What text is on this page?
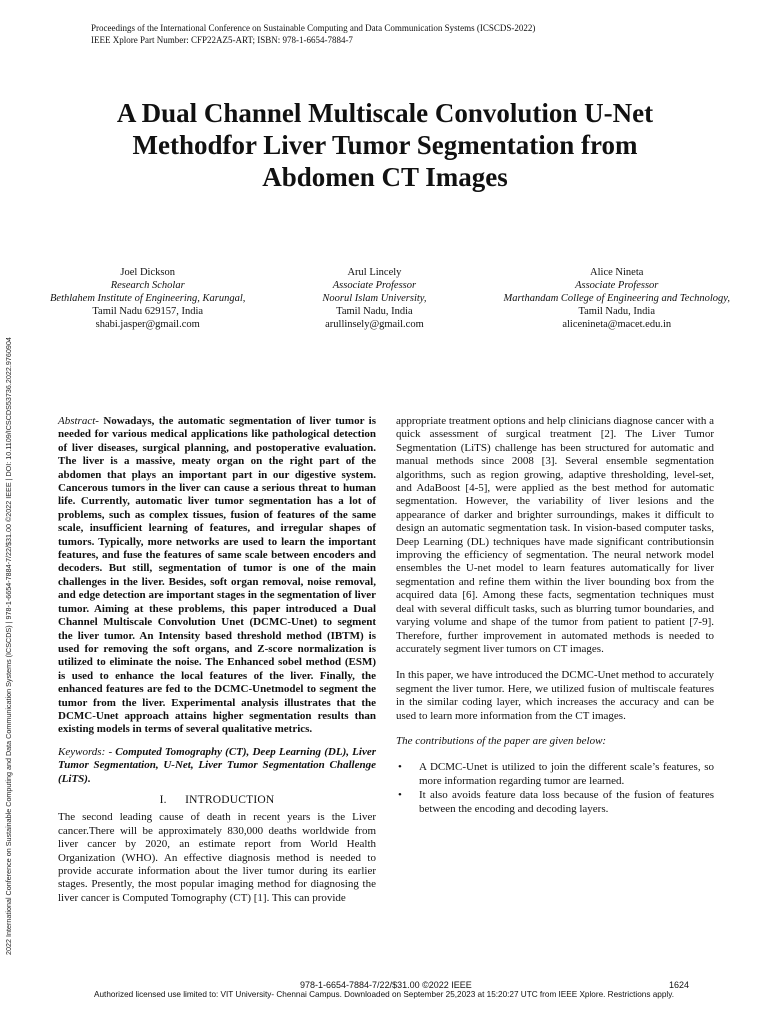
Proceedings of the International Conference on Sustainable Computing and Data Communication Systems (ICSCDS-2022)
IEEE Xplore Part Number: CFP22AZ5-ART; ISBN: 978-1-6654-7884-7
A Dual Channel Multiscale Convolution U-Net
Methodfor Liver Tumor Segmentation from
Abdomen CT Images
Joel Dickson
Research Scholar
Bethlahem Institute of Engineering, Karungal,
Tamil Nadu 629157, India
shabi.jasper@gmail.com
Arul Lincely
Associate Professor
Noorul Islam University,
Tamil Nadu, India
arullinsely@gmail.com
Alice Nineta
Associate Professor
Marthandam College of Engineering and Technology,
Tamil Nadu, India
alicenineta@macet.edu.in
2022 International Conference on Sustainable Computing and Data Communication Systems (ICSCDS) | 978-1-6654-7884-7/22/$31.00 ©2022 IEEE | DOI: 10.1109/ICSCDS53736.2022.9760904	Abstract- Nowadays, the automatic segmentation of liver tumor is needed for various medical applications like pathological detection of liver diseases, surgical planning, and postoperative evaluation. The liver is a massive, meaty organ on the right part of the abdomen that plays an important part in our digestive system. Cancerous tumors in the liver can cause a serious threat to human life. Currently, automatic liver tumor segmentation has a lot of problems, such as complex tissues, fusion of features of the same scale, insufficient learning of features, and irregular shapes of tumors. Typically, more networks are used to learn the important features, and fuse the features of same scale between encoders and decoders. But still, segmentation of tumor is one of the main challenges in the liver. Besides, soft organ removal, noise removal, and edge detection are important stages in the segmentation of liver tumor. Aiming at these problems, this paper introduced a Dual Channel Multiscale Convolution Unet (DCMC-Unet) to segment the liver tumor. An Intensity based threshold method (IBTM) is used for removing the soft organs, and Z-score normalization is utilized to eliminate the noise. The Enhanced sobel method (ESM) is used to enhance the local features of the liver. Finally, the enhanced features are fed to the DCMC-Unetmodel to segment the tumor from the liver. Experimental analysis illustrates that the DCMC-Unet approach attains higher segmentation results than existing models in terms of several qualitative metrics.

Keywords: - Computed Tomography (CT), Deep Learning (DL), Liver Tumor Segmentation, U-Net, Liver Tumor Segmentation Challenge (LiTS).

I.      INTRODUCTION

The second leading cause of death in recent years is the Liver cancer.There will be approximately 830,000 deaths worldwide from liver cancer by 2020, an estimate report from World Health Organization (WHO). An effective diagnosis method is needed to provide accurate information about the liver tumor during its earlier stages. Presently, the most popular imaging method for diagnosing the liver cancer is Computed Tomography (CT) [1]. This can provide

appropriate treatment options and help clinicians diagnose cancer with a quick assessment of surgical treatment [2]. The Liver Tumor Segmentation (LiTS) challenge has been structured for automatic and manual methods since 2008 [3]. Several ensemble segmentation algorithms, such as region growing, adaptive thresholding, level-set, and AdaBoost [4-5], were applied as the best method for automatic segmentation. However, the variability of liver lesions and the appearance of darker and brighter surroundings, makes it difficult to design an automatic segmentation task. In vision-based computer tasks, Deep Learning (DL) techniques have made significant contributionsin improving the efficiency of segmentation. The neural network model ensembles the U-net model to learn features automatically for liver segmentation and refine them within the liver bounding box from the acquired data [6]. Among these facts, segmentation techniques must deal with several difficult tasks, such as blurring tumor boundaries, and varying volume and shape of the tumor from patient to patient [7-9]. Therefore, further improvement in automated methods is needed to accurately segment liver tumors on CT images.

In this paper, we have introduced the DCMC-Unet method to accurately segment the liver tumor. Here, we utilized fusion of multiscale features in the similar coding layer, which increases the accuracy and can be used to learn more information from the CT images.

The contributions of the paper are given below:

• A DCMC-Unet is utilized to join the different scale’s features, so more information regarding tumor are learned.
• It also avoids feature data loss because of the fusion of features between the encoding and decoding layers.
978-1-6654-7884-7/22/$31.00 ©2022 IEEE	1624
Authorized licensed use limited to: VIT University- Chennai Campus. Downloaded on September 25,2023 at 15:20:27 UTC from IEEE Xplore. Restrictions apply.
